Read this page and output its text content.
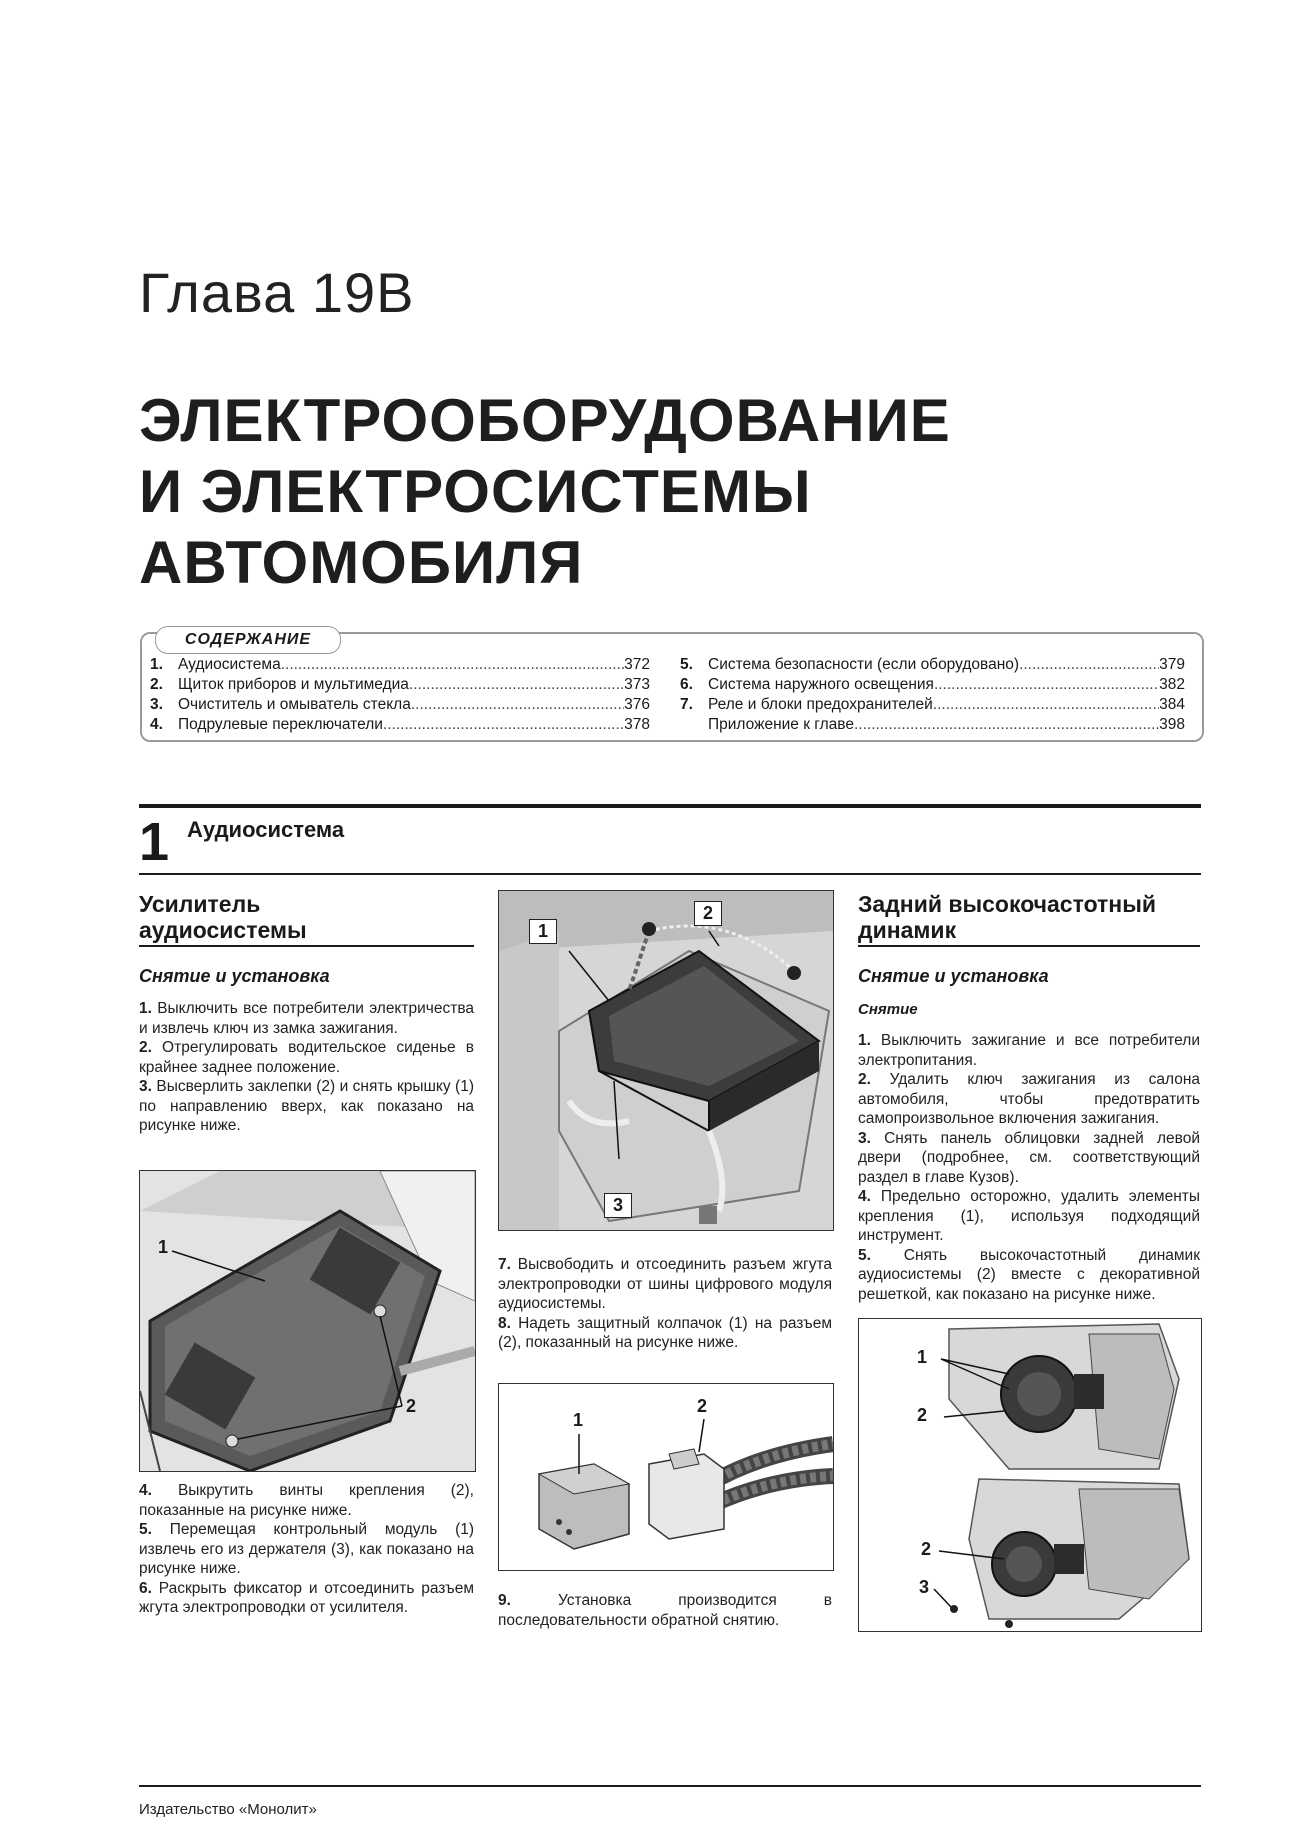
Глава 19B
ЭЛЕКТРООБОРУДОВАНИЕ
И ЭЛЕКТРОСИСТЕМЫ
АВТОМОБИЛЯ
СОДЕРЖАНИЕ
1. Аудиосистема .....	372
2. Щиток приборов и мультимедиа .....	373
3. Очиститель и омыватель стекла .....	376
4. Подрулевые переключатели .....	378
5. Система безопасности (если оборудовано) .....	379
6. Система наружного освещения .....	382
7. Реле и блоки предохранителей .....	384
Приложение к главе .....	398
1 Аудиосистема
Усилитель
аудиосистемы
Снятие и установка
1. Выключить все потребители электричества и извлечь ключ из замка зажигания.
2. Отрегулировать водительское сиденье в крайнее заднее положение.
3. Высверлить заклепки (2) и снять крышку (1) по направлению вверх, как показано на рисунке ниже.
1
2
4. Выкрутить винты крепления (2), показанные на рисунке ниже.
5. Перемещая контрольный модуль (1) извлечь его из держателя (3), как показано на рисунке ниже.
6. Раскрыть фиксатор и отсоединить разъем жгута электропроводки от усилителя.
1
2
3
7. Высвободить и отсоединить разъем жгута электропроводки от шины цифрового модуля аудиосистемы.
8. Надеть защитный колпачок (1) на разъем (2), показанный на рисунке ниже.
1
2
9.	Установка производится в последовательности обратной снятию.
Задний высокочастотный
динамик
Снятие и установка
Снятие
1. Выключить зажигание и все потребители электропитания.
2. Удалить ключ зажигания из салона автомобиля, чтобы предотвратить самопроизвольное включения зажигания.
3. Снять панель облицовки задней левой двери (подробнее, см. соответствующий раздел в главе Кузов).
4. Предельно осторожно, удалить элементы крепления (1), используя подходящий инструмент.
5. Снять высокочастотный динамик аудиосистемы (2) вместе с декоративной решеткой, как показано на рисунке ниже.
1
2
2
3
Издательство «Монолит»
